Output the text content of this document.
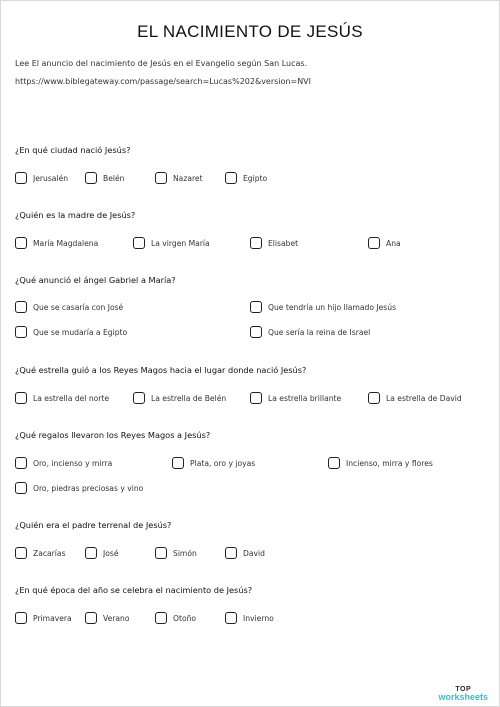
EL NACIMIENTO DE JESÚS
Lee El anuncio del nacimiento de Jesús en el Evangelio según San Lucas.
https://www.biblegateway.com/passage/search=Lucas%202&version=NVI
¿En qué ciudad nació Jesús?
Jerusalén	Belén	Nazaret	Egipto
¿Quién es la madre de Jesús?
María Magdalena	La virgen María	Elisabet	Ana
¿Qué anunció el ángel Gabriel a María?
Que se casaría con José	Que tendría un hijo llamado Jesús
Que se mudaría a Egipto	Que sería la reina de Israel
¿Qué estrella guió a los Reyes Magos hacia el lugar donde nació Jesús?
La estrella del norte	La estrella de Belén	La estrella brillante	La estrella de David
¿Qué regalos llevaron los Reyes Magos a Jesús?
Oro, incienso y mirra	Plata, oro y joyas	Incienso, mirra y flores
Oro, piedras preciosas y vino
¿Quién era el padre terrenal de Jesús?
Zacarías	José	Simón	David
¿En qué época del año se celebra el nacimiento de Jesús?
Primavera	Verano	Otoño	Invierno
TOP
worksheets
